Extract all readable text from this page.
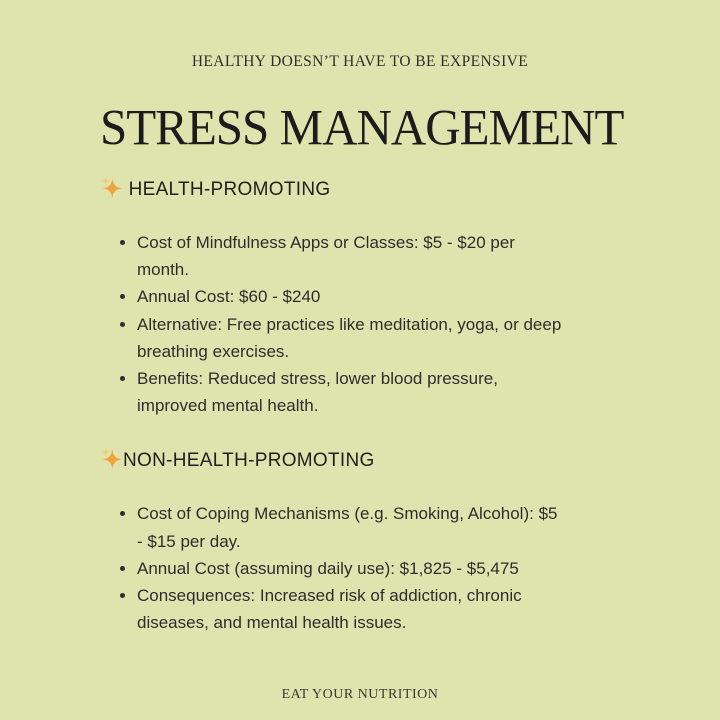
HEALTHY DOESN’T HAVE TO BE EXPENSIVE

STRESS MANAGEMENT
HEALTH-PROMOTING
• Cost of Mindfulness Apps or Classes: $5 - $20 per month.
• Annual Cost: $60 - $240
• Alternative: Free practices like meditation, yoga, or deep breathing exercises.
• Benefits: Reduced stress, lower blood pressure, improved mental health.
NON-HEALTH-PROMOTING
• Cost of Coping Mechanisms (e.g. Smoking, Alcohol): $5 - $15 per day.
• Annual Cost (assuming daily use): $1,825 - $5,475
• Consequences: Increased risk of addiction, chronic diseases, and mental health issues.

EAT YOUR NUTRITION
